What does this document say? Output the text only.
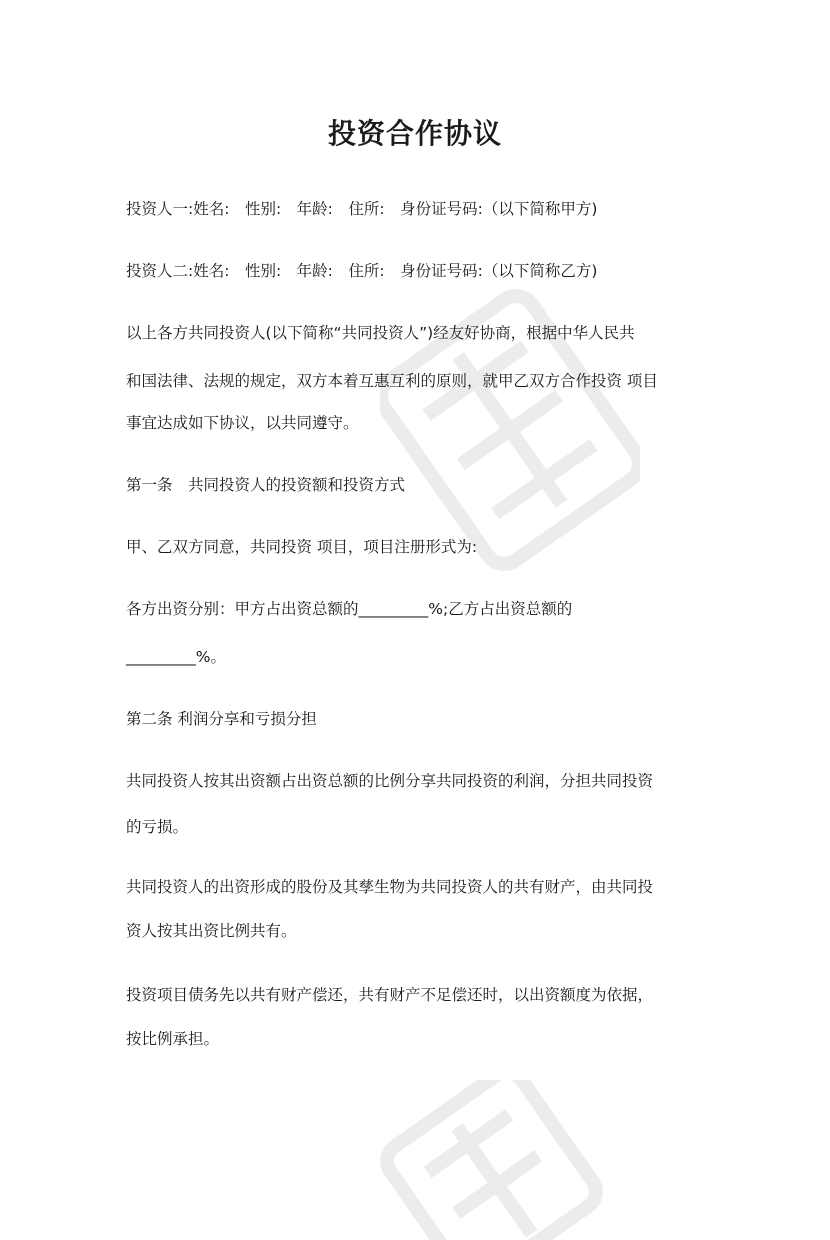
投资合作协议

投资人一:姓名:　性别:　年龄:　住所:　身份证号码:（以下简称甲方)

投资人二:姓名:　性别:　年龄:　住所:　身份证号码:（以下简称乙方)

以上各方共同投资人(以下简称“共同投资人”)经友好协商，根据中华人民共

和国法律、法规的规定，双方本着互惠互利的原则，就甲乙双方合作投资 项目

事宜达成如下协议，以共同遵守。

第一条　共同投资人的投资额和投资方式

甲、乙双方同意，共同投资 项目，项目注册形式为:

各方出资分别：甲方占出资总额的_________%;乙方占出资总额的

_________%。

第二条 利润分享和亏损分担

共同投资人按其出资额占出资总额的比例分享共同投资的利润，分担共同投资

的亏损。

共同投资人的出资形成的股份及其孳生物为共同投资人的共有财产，由共同投

资人按其出资比例共有。

投资项目债务先以共有财产偿还，共有财产不足偿还时，以出资额度为依据，

按比例承担。
